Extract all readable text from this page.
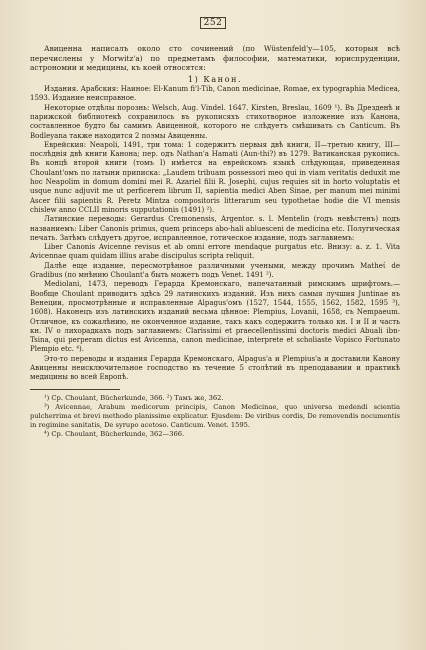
252

Авиценна написалъ около сто сочинений (по Wüstenfeld'y—105, которыя всѣ перечислены у Morwitz'a) по предметамъ философии, математики, юриспруденции, астрономии и медицины, къ коей относятся:

1) Канон.

Издания. Арабския: Наиное: El-Kanum fi'l-Tib, Canon medicinae, Romae, ex typographia Medicea, 1593. Издание неисправное.

Некоторые отдѣлы порознь: Welsch, Aug. Vindel. 1647. Kirsten, Breslau, 1609 ¹). Въ Дрезденѣ и парижской библиотекѣ сохранилось въ рукописяхъ стихотворное изложение изъ Канона, составленное будто бы самимъ Авиценной, которого не слѣдуетъ смѣшивать съ Canticum. Въ Bodleyana также находится 2 поэмы Авиценны.

Еврейския: Neapoli, 1491, три тома: 1 содержитъ первыя двѣ книги, II—третью книгу, III—послѣднія двѣ книги Канона; пер. одъ Nathan'a Hamati (Aun-thi?) въ 1279. Ватиканская рукопись. Въ концѣ второй книги (томъ I) имѣется на еврейскомъ языкѣ слѣдующая, приведенная Choulant'омъ по латыни приписка: „Laudem tribuam possessori meo qui in viam veritatis deduxit me hoc Neapolim in domum domini mei R. Azariel filii R. Josephi, cujus requies sit in horto voluptatis et usque nunc adjuvit me ut perficerem librum II, sapientia medici Aben Sinae, per manum mei minimi Ascer filii sapientis R. Peretz Mintza compositoris litterarum seu typothetae hodie die VI mensis chislew anno CCLII minoris supputationis (1491) ²).

Латинские переводы: Gerardus Cremonensis, Argentor. s. l. Mentelin (годъ невѣстенъ) подъ названиемъ: Liber Canonis primus, quem princeps abo-hali abluesceni de medicina etc. Полугическая печать. Затѣмъ слѣдуетъ другое, исправленное, готическое издание, подъ заглавиемъ:

Liber Canonis Avicenne revisus et ab omni errore mendaque purgatus etc. Внизу: a. z. 1. Vita Avicennae quam quidam illius arabe discipulus scripta reliquit.

Далѣе еще издание, пересмотрѣнное различными учеными, между прочимъ Matheί de Gradibus (по мнѣнию Choulant'a быть можетъ подъ Venet. 1491 ²).

Mediolani, 1473, переводъ Герарда Кремонскаго, напечатанный римскимъ шрифтомъ.—Вообще Choulant приводитъ здѣсь 29 латинскихъ изданий. Изъ нихъ самыя лучшия Juntinae въ Венеции, просмотрѣнные и исправленные Alpagus'омъ (1527, 1544, 1555, 1562, 1582, 1595 ³), 1608). Наконецъ изъ латинскихъ изданий весьма цѣнное: Plempius, Lovanii, 1658, съ Nempaeum. Отличное, къ сожалѣнию, не оконченное издание, такъ какъ содержитъ только кн. I и II и часть кн. IV о лихорадкахъ подъ заглавиемъ: Clarissimi et praecellentissimi doctoris medici Abuali ibn-Tsina, qui perperam dictus est Avicenna, canon medicinae, interprete et scholiaste Vopisco Fortunato Plempio etc. ⁴).

Это-то переводы и издания Герарда Кремонскаго, Alpagus'a и Plempius'a и доставили Канону Авиценны неисключительное господство въ течение 5 столѣтий въ преподавании и практикѣ медицины во всей Европѣ.

¹) Ср. Choulant, Bücherkunde, 366. ²) Тамъ же, 362.

³) Avicennae, Arabum medicorum principis, Canon Medicinae, quo universa medendi scientia pulcherrima et brevi methodo planissime explicatur. Ejusdem: De viribus cordis, De removendis nocumentis in regimine sanitatis, De syrupo acetoso. Canticum. Venet. 1595.

⁴) Ср. Choulant, Bücherkunde, 362—366.
